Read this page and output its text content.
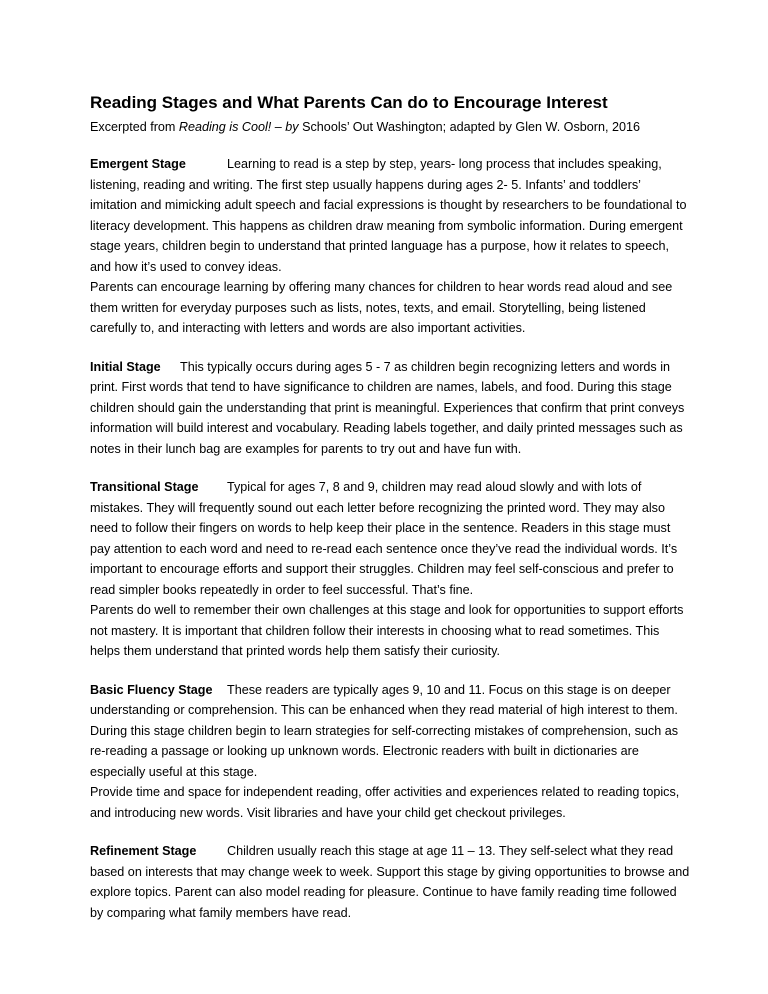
Reading Stages and What Parents Can do to Encourage Interest
Excerpted from Reading is Cool! – by Schools’ Out Washington; adapted by Glen W. Osborn, 2016

Emergent Stage	Learning to read is a step by step, years- long process that includes speaking, listening, reading and writing. The first step usually happens during ages 2- 5. Infants’ and toddlers’ imitation and mimicking adult speech and facial expressions is thought by researchers to be foundational to literacy development. This happens as children draw meaning from symbolic information. During emergent stage years, children begin to understand that printed language has a purpose, how it relates to speech, and how it’s used to convey ideas.

Parents can encourage learning by offering many chances for children to hear words read aloud and see them written for everyday purposes such as lists, notes, texts, and email. Storytelling, being listened carefully to, and interacting with letters and words are also important activities.

Initial Stage This typically occurs during ages 5 - 7 as children begin recognizing letters and words in print. First words that tend to have significance to children are names, labels, and food. During this stage children should gain the understanding that print is meaningful. Experiences that confirm that print conveys information will build interest and vocabulary. Reading labels together, and daily printed messages such as notes in their lunch bag are examples for parents to try out and have fun with.

Transitional Stage Typical for ages 7, 8 and 9, children may read aloud slowly and with lots of mistakes. They will frequently sound out each letter before recognizing the printed word. They may also need to follow their fingers on words to help keep their place in the sentence. Readers in this stage must pay attention to each word and need to re-read each sentence once they’ve read the individual words. It’s important to encourage efforts and support their struggles. Children may feel self-conscious and prefer to read simpler books repeatedly in order to feel successful. That’s fine.

Parents do well to remember their own challenges at this stage and look for opportunities to support efforts not mastery. It is important that children follow their interests in choosing what to read sometimes. This helps them understand that printed words help them satisfy their curiosity.

Basic Fluency Stage These readers are typically ages 9, 10 and 11. Focus on this stage is on deeper understanding or comprehension. This can be enhanced when they read material of high interest to them. During this stage children begin to learn strategies for self-correcting mistakes of comprehension, such as re-reading a passage or looking up unknown words. Electronic readers with built in dictionaries are especially useful at this stage.

Provide time and space for independent reading, offer activities and experiences related to reading topics, and introducing new words. Visit libraries and have your child get checkout privileges.

Refinement Stage Children usually reach this stage at age 11 – 13. They self-select what they read based on interests that may change week to week. Support this stage by giving opportunities to browse and explore topics. Parent can also model reading for pleasure. Continue to have family reading time followed by comparing what family members have read.
